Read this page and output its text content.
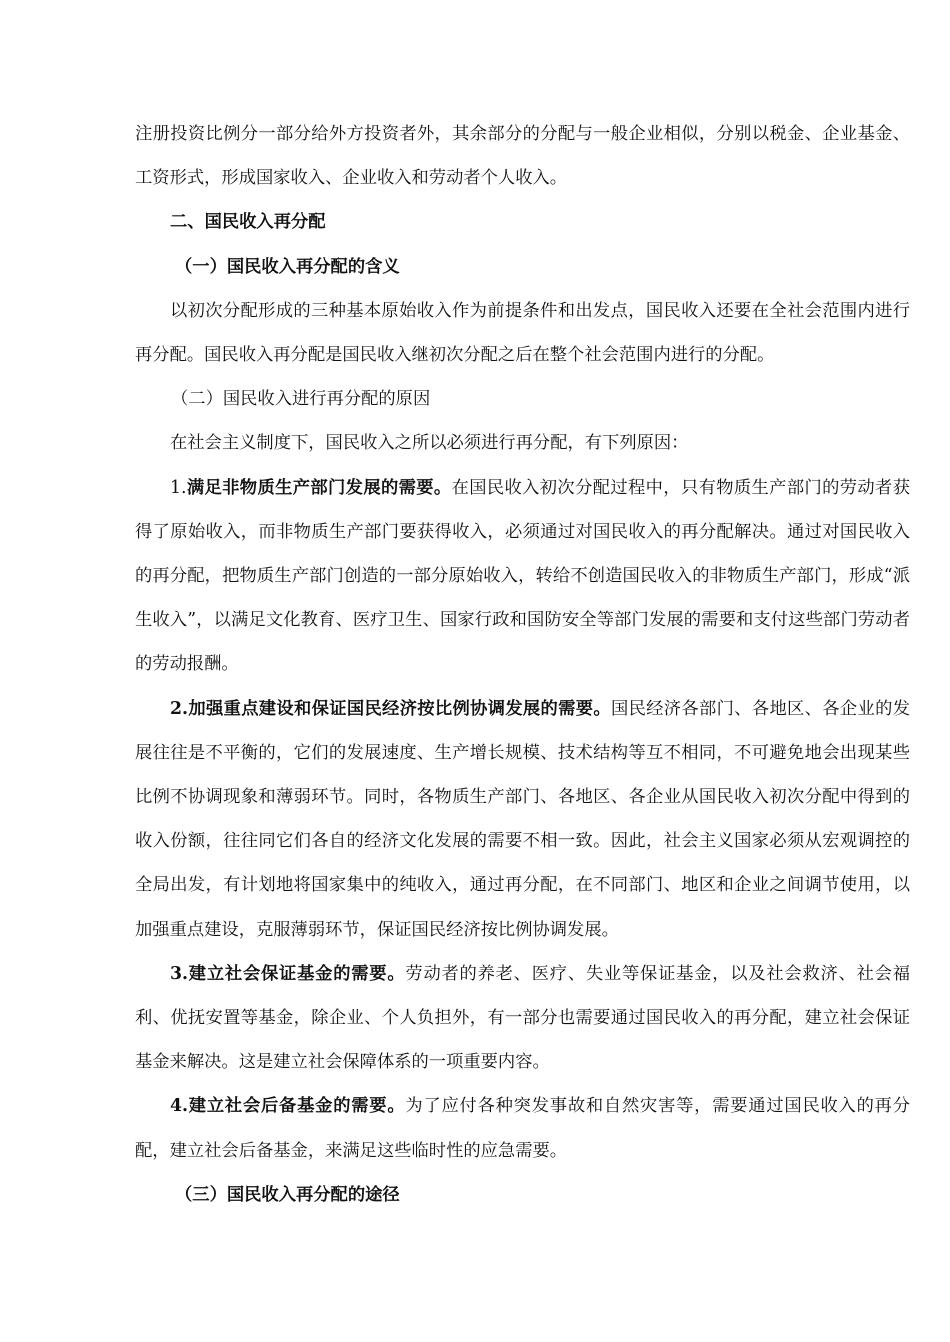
注册投资比例分一部分给外方投资者外，其余部分的分配与一般企业相似，分别以税金、企业基金、工资形式，形成国家收入、企业收入和劳动者个人收入。

二、国民收入再分配

（一）国民收入再分配的含义

以初次分配形成的三种基本原始收入作为前提条件和出发点，国民收入还要在全社会范围内进行再分配。国民收入再分配是国民收入继初次分配之后在整个社会范围内进行的分配。

（二）国民收入进行再分配的原因

在社会主义制度下，国民收入之所以必须进行再分配，有下列原因：

1.满足非物质生产部门发展的需要。在国民收入初次分配过程中，只有物质生产部门的劳动者获得了原始收入，而非物质生产部门要获得收入，必须通过对国民收入的再分配解决。通过对国民收入的再分配，把物质生产部门创造的一部分原始收入，转给不创造国民收入的非物质生产部门，形成“派生收入”，以满足文化教育、医疗卫生、国家行政和国防安全等部门发展的需要和支付这些部门劳动者的劳动报酬。

2.加强重点建设和保证国民经济按比例协调发展的需要。国民经济各部门、各地区、各企业的发展往往是不平衡的，它们的发展速度、生产增长规模、技术结构等互不相同，不可避免地会出现某些比例不协调现象和薄弱环节。同时，各物质生产部门、各地区、各企业从国民收入初次分配中得到的收入份额，往往同它们各自的经济文化发展的需要不相一致。因此，社会主义国家必须从宏观调控的全局出发，有计划地将国家集中的纯收入，通过再分配，在不同部门、地区和企业之间调节使用，以加强重点建设，克服薄弱环节，保证国民经济按比例协调发展。

3.建立社会保证基金的需要。劳动者的养老、医疗、失业等保证基金，以及社会救济、社会福利、优抚安置等基金，除企业、个人负担外，有一部分也需要通过国民收入的再分配，建立社会保证基金来解决。这是建立社会保障体系的一项重要内容。

4.建立社会后备基金的需要。为了应付各种突发事故和自然灾害等，需要通过国民收入的再分配，建立社会后备基金，来满足这些临时性的应急需要。

（三）国民收入再分配的途径
